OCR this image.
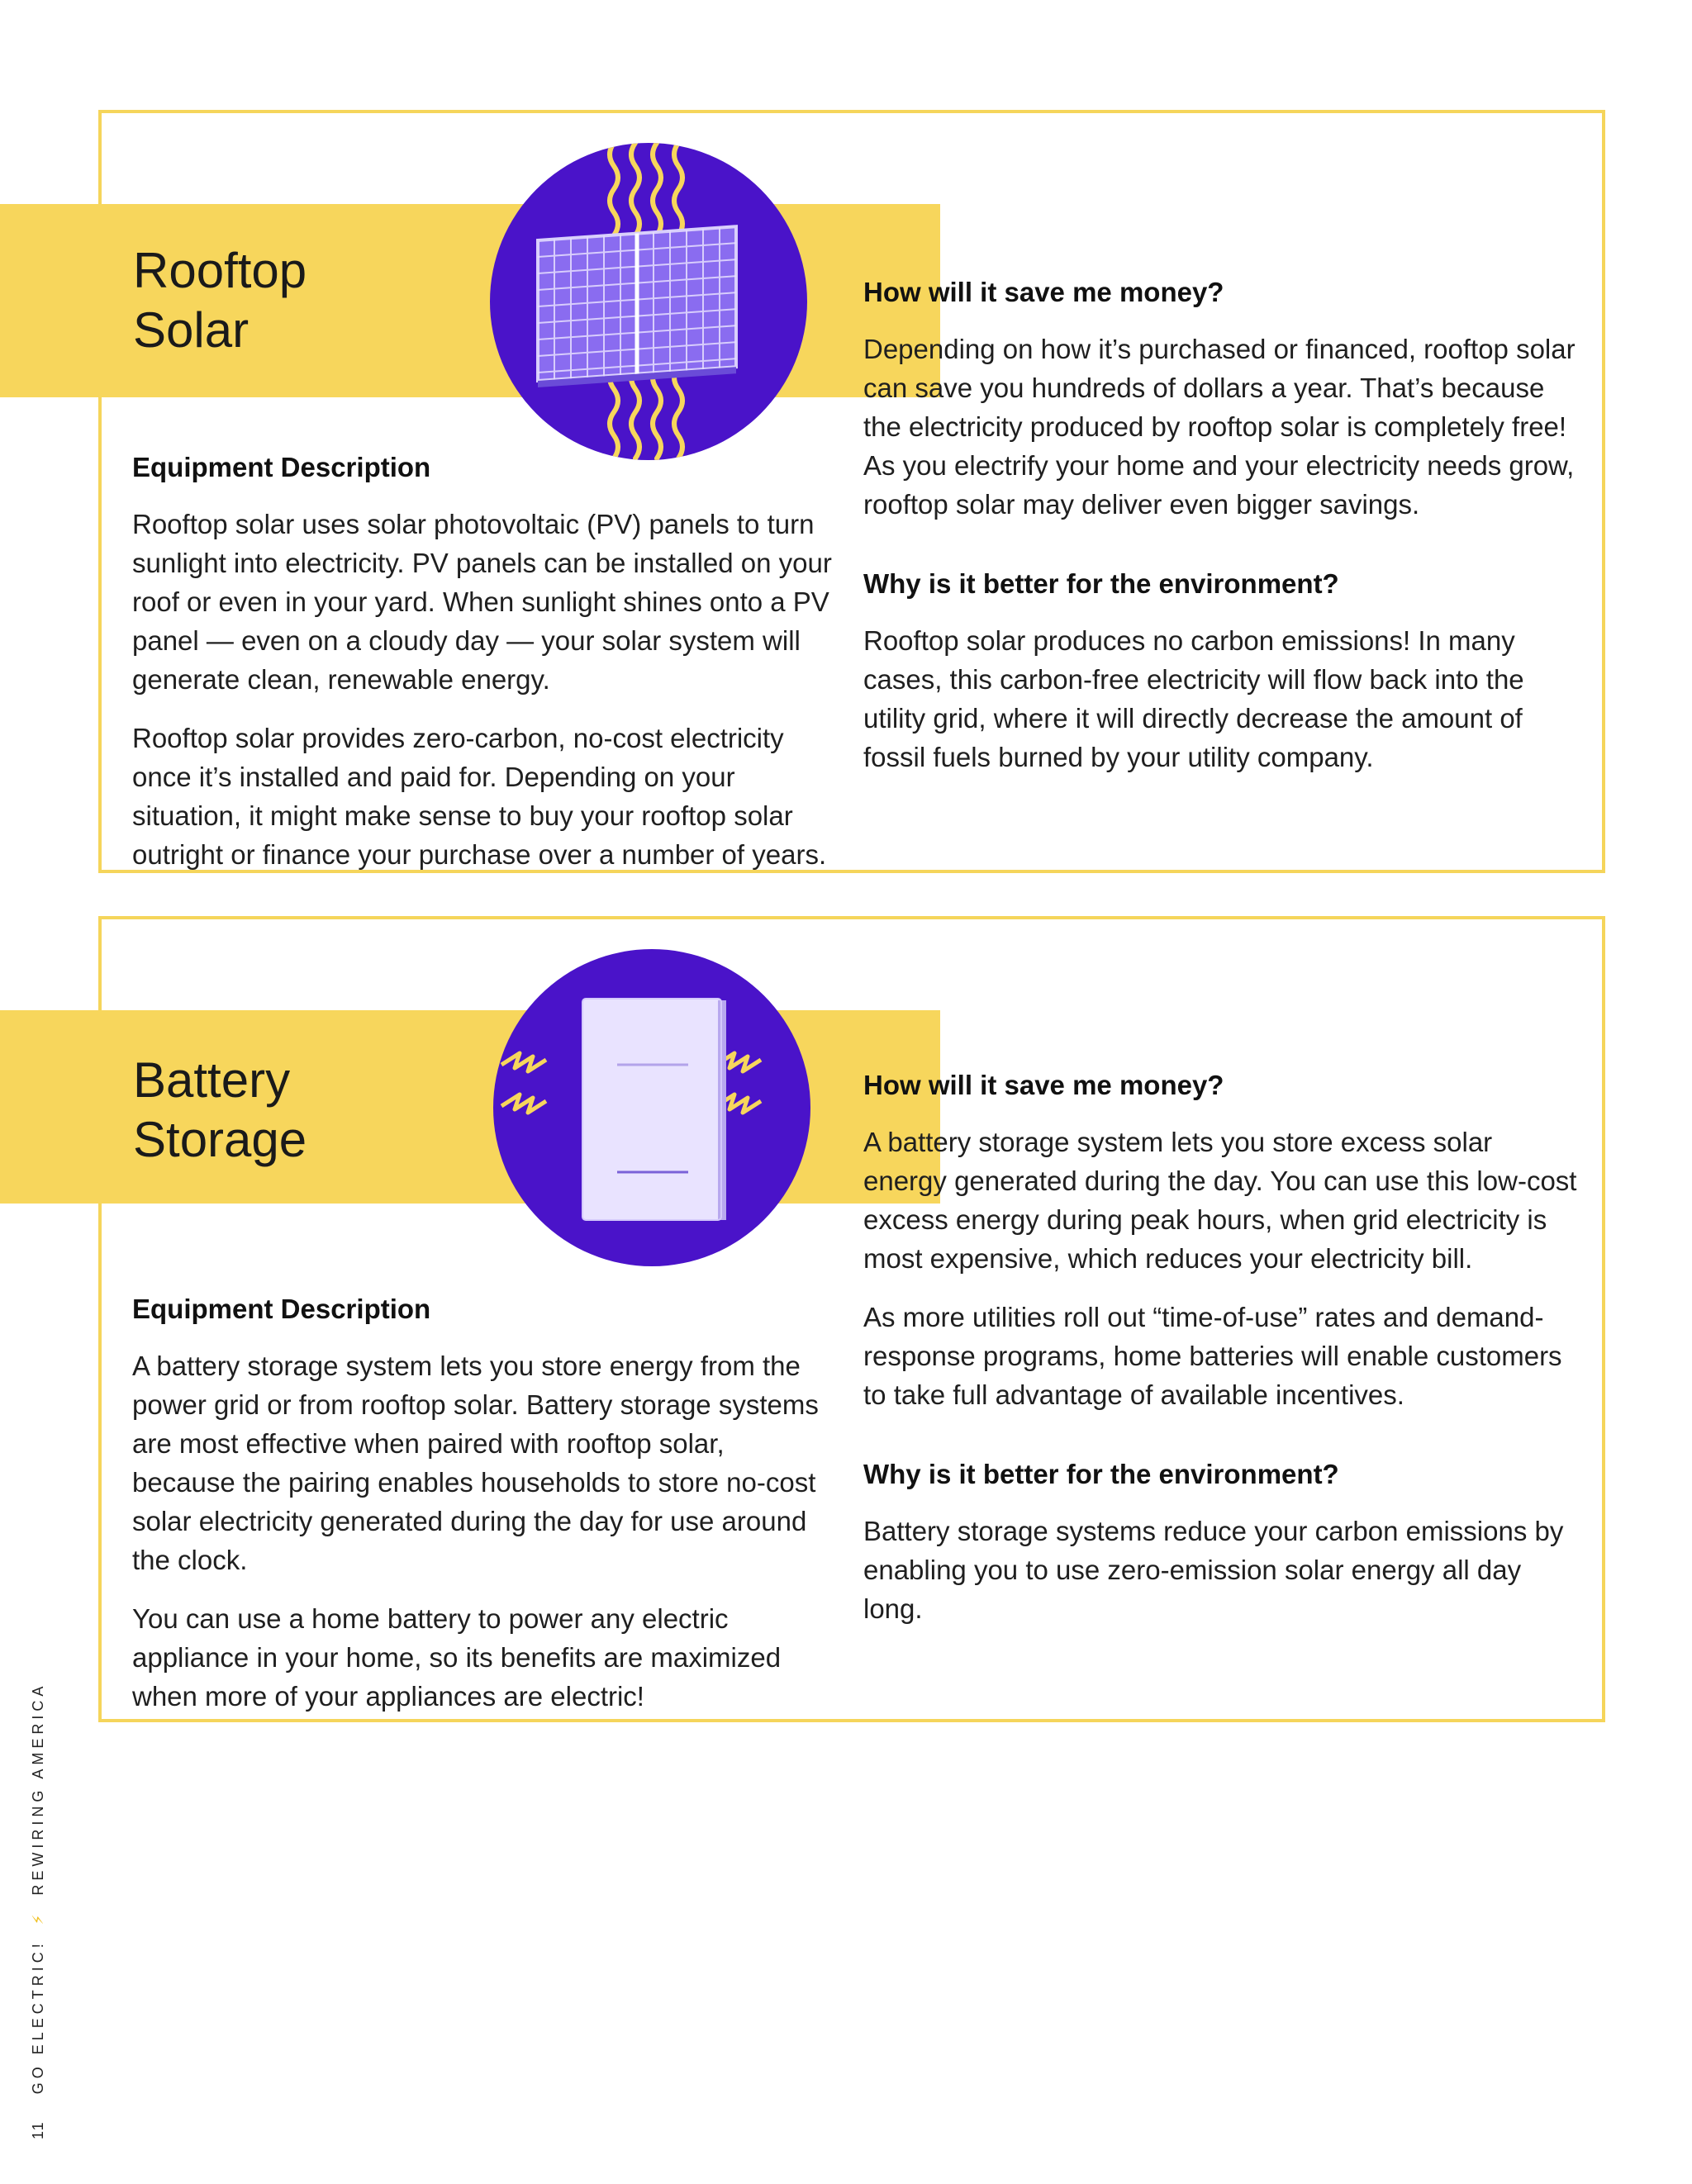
Rooftop
Solar
Equipment Description

Rooftop solar uses solar photovoltaic (PV) panels to turn sunlight into electricity. PV panels can be installed on your roof or even in your yard. When sunlight shines onto a PV panel — even on a cloudy day — your solar system will generate clean, renewable energy.

Rooftop solar provides zero-carbon, no-cost electricity once it’s installed and paid for. Depending on your situation, it might make sense to buy your rooftop solar outright or finance your purchase over a number of years.

How will it save me money?

Depending on how it’s purchased or financed, rooftop solar can save you hundreds of dollars a year. That’s because the electricity produced by rooftop solar is completely free! As you electrify your home and your electricity needs grow, rooftop solar may deliver even bigger savings.

Why is it better for the environment?

Rooftop solar produces no carbon emissions! In many cases, this carbon-free electricity will flow back into the utility grid, where it will directly decrease the amount of fossil fuels burned by your utility company.

Battery
Storage
Equipment Description

A battery storage system lets you store energy from the power grid or from rooftop solar. Battery storage systems are most effective when paired with rooftop solar, because the pairing enables households to store no-cost solar electricity generated during the day for use around the clock.

You can use a home battery to power any electric appliance in your home, so its benefits are maximized when more of your appliances are electric!

How will it save me money?

A battery storage system lets you store excess solar energy generated during the day. You can use this low-cost excess energy during peak hours, when grid electricity is most expensive, which reduces your electricity bill.

As more utilities roll out “time-of-use” rates and demand-response programs, home batteries will enable customers to take full advantage of available incentives.

Why is it better for the environment?

Battery storage systems reduce your carbon emissions by enabling you to use zero-emission solar energy all day long.

11 GO ELECTRIC! ⚡ REWIRING AMERICA
